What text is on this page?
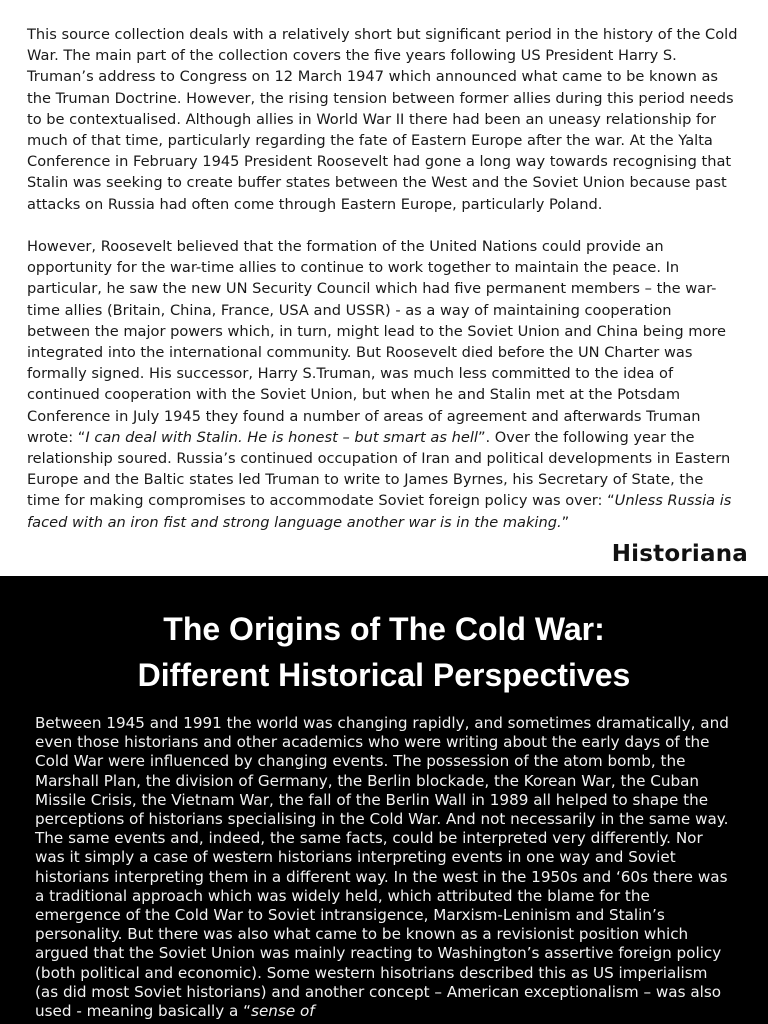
This source collection deals with a relatively short but significant period in the history of the Cold War. The main part of the collection covers the five years following US President Harry S. Truman’s address to Congress on 12 March 1947 which announced what came to be known as the Truman Doctrine. However, the rising tension between former allies during this period needs to be contextualised. Although allies in World War II there had been an uneasy relationship for much of that time, particularly regarding the fate of Eastern Europe after the war. At the Yalta Conference in February 1945 President Roosevelt had gone a long way towards recognising that Stalin was seeking to create buffer states between the West and the Soviet Union because past attacks on Russia had often come through Eastern Europe, particularly Poland.

However, Roosevelt believed that the formation of the United Nations could provide an opportunity for the war-time allies to continue to work together to maintain the peace. In particular, he saw the new UN Security Council which had five permanent members – the war-time allies (Britain, China, France, USA and USSR) - as a way of maintaining cooperation between the major powers which, in turn, might lead to the Soviet Union and China being more integrated into the international community. But Roosevelt died before the UN Charter was formally signed. His successor, Harry S.Truman, was much less committed to the idea of continued cooperation with the Soviet Union, but when he and Stalin met at the Potsdam Conference in July 1945 they found a number of areas of agreement and afterwards Truman wrote: “I can deal with Stalin. He is honest – but smart as hell”. Over the following year the relationship soured. Russia’s continued occupation of Iran and political developments in Eastern Europe and the Baltic states led Truman to write to James Byrnes, his Secretary of State, the time for making compromises to accommodate Soviet foreign policy was over: “Unless Russia is faced with an iron fist and strong language another war is in the making.”

Historiana
The Origins of The Cold War:
Different Historical Perspectives

Between 1945 and 1991 the world was changing rapidly, and sometimes dramatically, and even those historians and other academics who were writing about the early days of the Cold War were influenced by changing events. The possession of the atom bomb, the Marshall Plan, the division of Germany, the Berlin blockade, the Korean War, the Cuban Missile Crisis, the Vietnam War, the fall of the Berlin Wall in 1989 all helped to shape the perceptions of historians specialising in the Cold War. And not necessarily in the same way. The same events and, indeed, the same facts, could be interpreted very differently. Nor was it simply a case of western historians interpreting events in one way and Soviet historians interpreting them in a different way. In the west in the 1950s and ‘60s there was a traditional approach which was widely held, which attributed the blame for the emergence of the Cold War to Soviet intransigence, Marxism-Leninism and Stalin’s personality. But there was also what came to be known as a revisionist position which argued that the Soviet Union was mainly reacting to Washington’s assertive foreign policy (both political and economic). Some western hisotrians described this as US imperialism (as did most Soviet historians) and another concept – American exceptionalism – was also used - meaning basically a “sense of
